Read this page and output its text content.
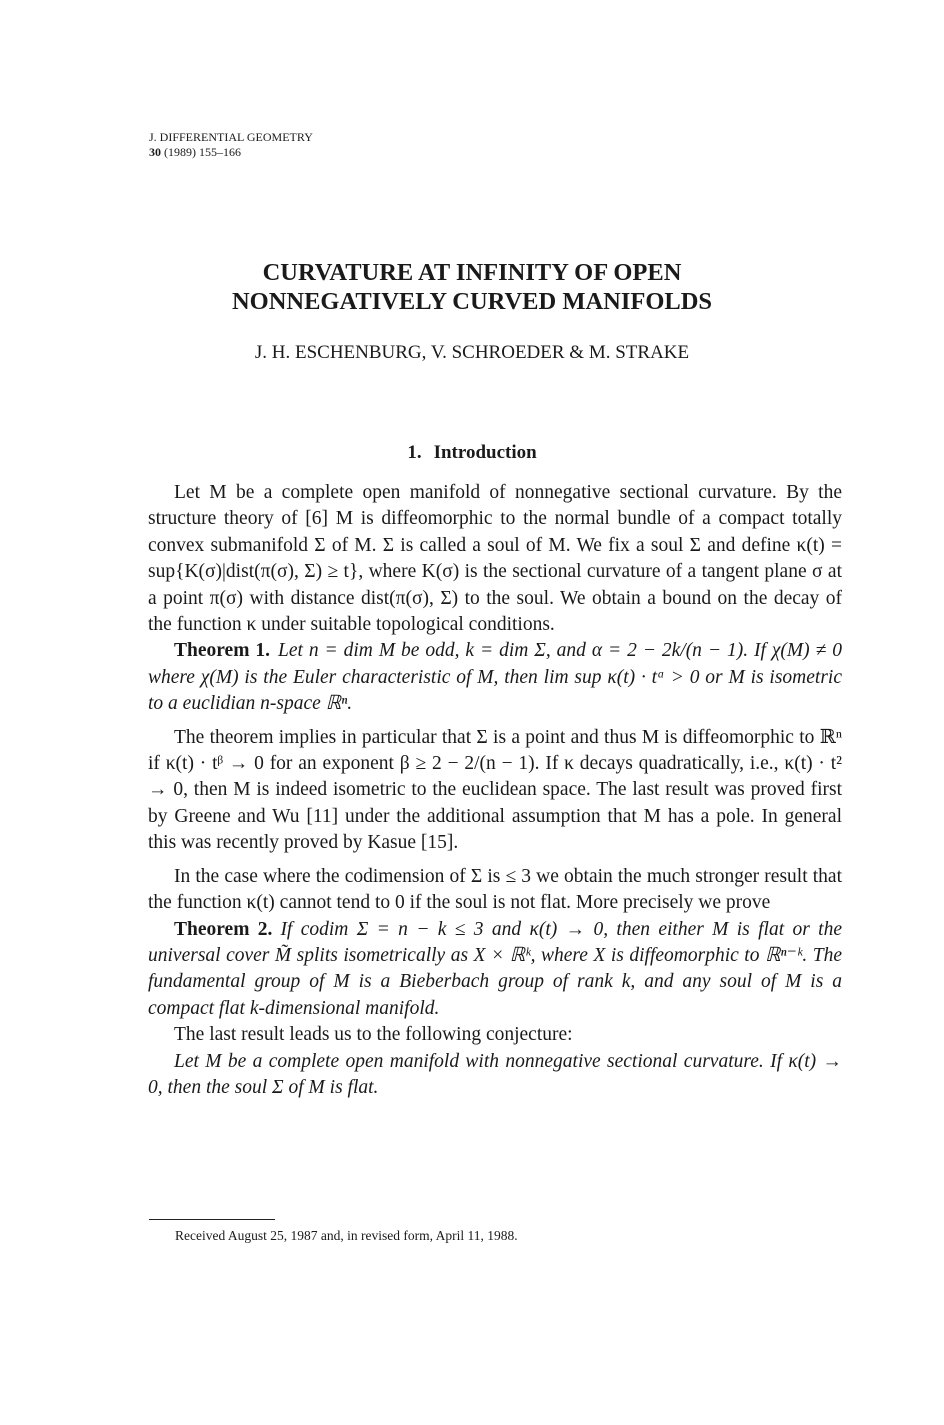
J. DIFFERENTIAL GEOMETRY
30 (1989) 155–166
CURVATURE AT INFINITY OF OPEN
NONNEGATIVELY CURVED MANIFOLDS
J. H. ESCHENBURG, V. SCHROEDER & M. STRAKE
1. Introduction

Let M be a complete open manifold of nonnegative sectional curvature. By the structure theory of [6] M is diffeomorphic to the normal bundle of a compact totally convex submanifold Σ of M. Σ is called a soul of M. We fix a soul Σ and define κ(t) = sup{K(σ)|dist(π(σ), Σ) ≥ t}, where K(σ) is the sectional curvature of a tangent plane σ at a point π(σ) with distance dist(π(σ), Σ) to the soul. We obtain a bound on the decay of the function κ under suitable topological conditions.

Theorem 1. Let n = dim M be odd, k = dim Σ, and α = 2 − 2k/(n − 1). If χ(M) ≠ 0 where χ(M) is the Euler characteristic of M, then lim sup κ(t) · tᵅ > 0 or M is isometric to a euclidian n-space ℝⁿ.

The theorem implies in particular that Σ is a point and thus M is diffeomorphic to ℝⁿ if κ(t) · tᵝ → 0 for an exponent β ≥ 2 − 2/(n − 1). If κ decays quadratically, i.e., κ(t) · t² → 0, then M is indeed isometric to the euclidean space. The last result was proved first by Greene and Wu [11] under the additional assumption that M has a pole. In general this was recently proved by Kasue [15].

In the case where the codimension of Σ is ≤ 3 we obtain the much stronger result that the function κ(t) cannot tend to 0 if the soul is not flat. More precisely we prove

Theorem 2. If codim Σ = n − k ≤ 3 and κ(t) → 0, then either M is flat or the universal cover M̃ splits isometrically as X × ℝᵏ, where X is diffeomorphic to ℝⁿ⁻ᵏ. The fundamental group of M is a Bieberbach group of rank k, and any soul of M is a compact flat k-dimensional manifold.

The last result leads us to the following conjecture:

Let M be a complete open manifold with nonnegative sectional curvature. If κ(t) → 0, then the soul Σ of M is flat.

Received August 25, 1987 and, in revised form, April 11, 1988.
